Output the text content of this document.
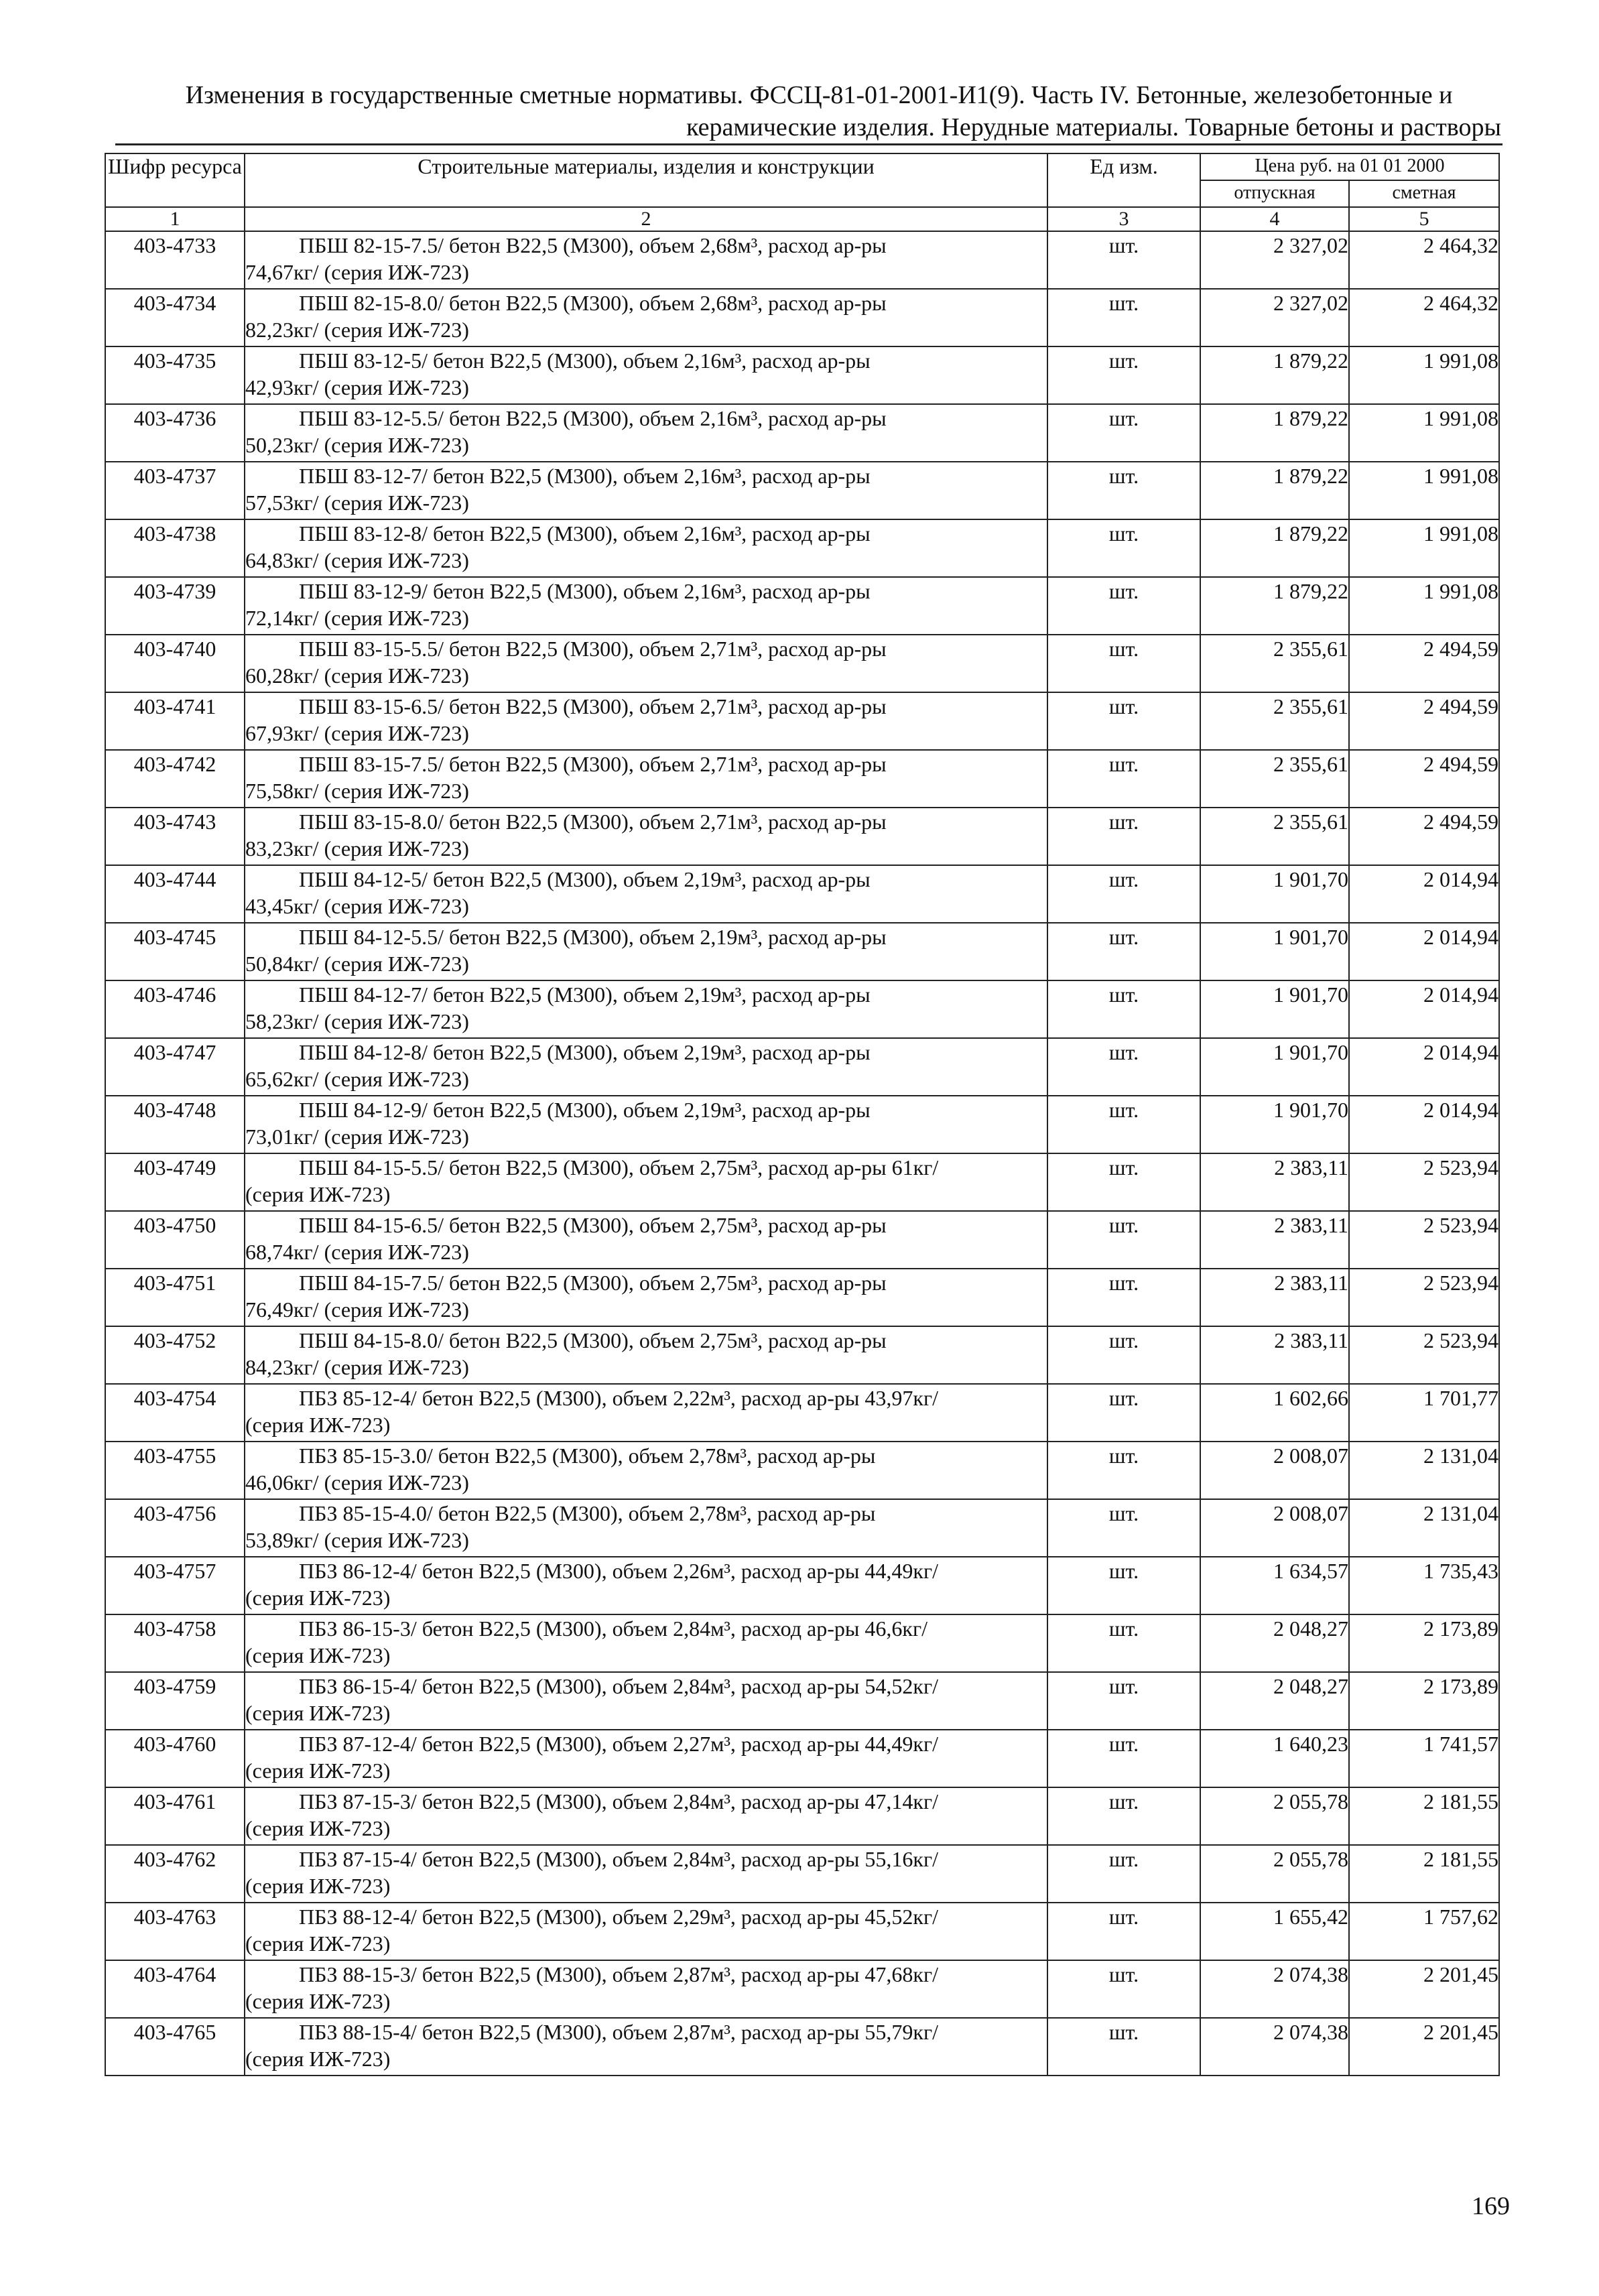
Изменения в государственные сметные нормативы. ФССЦ-81-01-2001-И1(9). Часть IV. Бетонные, железобетонные и
керамические изделия. Нерудные материалы. Товарные бетоны и растворы
Шифр ресурса	Строительные материалы, изделия и конструкции	Ед изм.	Цена руб. на 01 01 2000	
			отпускная	сметная
1	2	3	4	5
403-4733	ПБШ 82-15-7.5/ бетон В22,5 (М300), объем 2,68м³, расход ар-ры
74,67кг/ (серия ИЖ-723)	шт.	2 327,02	2 464,32
403-4734	ПБШ 82-15-8.0/ бетон В22,5 (М300), объем 2,68м³, расход ар-ры
82,23кг/ (серия ИЖ-723)	шт.	2 327,02	2 464,32
403-4735	ПБШ 83-12-5/ бетон В22,5 (М300), объем 2,16м³, расход ар-ры
42,93кг/ (серия ИЖ-723)	шт.	1 879,22	1 991,08
403-4736	ПБШ 83-12-5.5/ бетон В22,5 (М300), объем 2,16м³, расход ар-ры
50,23кг/ (серия ИЖ-723)	шт.	1 879,22	1 991,08
403-4737	ПБШ 83-12-7/ бетон В22,5 (М300), объем 2,16м³, расход ар-ры
57,53кг/ (серия ИЖ-723)	шт.	1 879,22	1 991,08
403-4738	ПБШ 83-12-8/ бетон В22,5 (М300), объем 2,16м³, расход ар-ры
64,83кг/ (серия ИЖ-723)	шт.	1 879,22	1 991,08
403-4739	ПБШ 83-12-9/ бетон В22,5 (М300), объем 2,16м³, расход ар-ры
72,14кг/ (серия ИЖ-723)	шт.	1 879,22	1 991,08
403-4740	ПБШ 83-15-5.5/ бетон В22,5 (М300), объем 2,71м³, расход ар-ры
60,28кг/ (серия ИЖ-723)	шт.	2 355,61	2 494,59
403-4741	ПБШ 83-15-6.5/ бетон В22,5 (М300), объем 2,71м³, расход ар-ры
67,93кг/ (серия ИЖ-723)	шт.	2 355,61	2 494,59
403-4742	ПБШ 83-15-7.5/ бетон В22,5 (М300), объем 2,71м³, расход ар-ры
75,58кг/ (серия ИЖ-723)	шт.	2 355,61	2 494,59
403-4743	ПБШ 83-15-8.0/ бетон В22,5 (М300), объем 2,71м³, расход ар-ры
83,23кг/ (серия ИЖ-723)	шт.	2 355,61	2 494,59
403-4744	ПБШ 84-12-5/ бетон В22,5 (М300), объем 2,19м³, расход ар-ры
43,45кг/ (серия ИЖ-723)	шт.	1 901,70	2 014,94
403-4745	ПБШ 84-12-5.5/ бетон В22,5 (М300), объем 2,19м³, расход ар-ры
50,84кг/ (серия ИЖ-723)	шт.	1 901,70	2 014,94
403-4746	ПБШ 84-12-7/ бетон В22,5 (М300), объем 2,19м³, расход ар-ры
58,23кг/ (серия ИЖ-723)	шт.	1 901,70	2 014,94
403-4747	ПБШ 84-12-8/ бетон В22,5 (М300), объем 2,19м³, расход ар-ры
65,62кг/ (серия ИЖ-723)	шт.	1 901,70	2 014,94
403-4748	ПБШ 84-12-9/ бетон В22,5 (М300), объем 2,19м³, расход ар-ры
73,01кг/ (серия ИЖ-723)	шт.	1 901,70	2 014,94
403-4749	ПБШ 84-15-5.5/ бетон В22,5 (М300), объем 2,75м³, расход ар-ры 61кг/
(серия ИЖ-723)	шт.	2 383,11	2 523,94
403-4750	ПБШ 84-15-6.5/ бетон В22,5 (М300), объем 2,75м³, расход ар-ры
68,74кг/ (серия ИЖ-723)	шт.	2 383,11	2 523,94
403-4751	ПБШ 84-15-7.5/ бетон В22,5 (М300), объем 2,75м³, расход ар-ры
76,49кг/ (серия ИЖ-723)	шт.	2 383,11	2 523,94
403-4752	ПБШ 84-15-8.0/ бетон В22,5 (М300), объем 2,75м³, расход ар-ры
84,23кг/ (серия ИЖ-723)	шт.	2 383,11	2 523,94
403-4754	ПБЗ 85-12-4/ бетон В22,5 (М300), объем 2,22м³, расход ар-ры 43,97кг/
(серия ИЖ-723)	шт.	1 602,66	1 701,77
403-4755	ПБЗ 85-15-3.0/ бетон В22,5 (М300), объем 2,78м³, расход ар-ры
46,06кг/ (серия ИЖ-723)	шт.	2 008,07	2 131,04
403-4756	ПБЗ 85-15-4.0/ бетон В22,5 (М300), объем 2,78м³, расход ар-ры
53,89кг/ (серия ИЖ-723)	шт.	2 008,07	2 131,04
403-4757	ПБЗ 86-12-4/ бетон В22,5 (М300), объем 2,26м³, расход ар-ры 44,49кг/
(серия ИЖ-723)	шт.	1 634,57	1 735,43
403-4758	ПБЗ 86-15-3/ бетон В22,5 (М300), объем 2,84м³, расход ар-ры 46,6кг/
(серия ИЖ-723)	шт.	2 048,27	2 173,89
403-4759	ПБЗ 86-15-4/ бетон В22,5 (М300), объем 2,84м³, расход ар-ры 54,52кг/
(серия ИЖ-723)	шт.	2 048,27	2 173,89
403-4760	ПБЗ 87-12-4/ бетон В22,5 (М300), объем 2,27м³, расход ар-ры 44,49кг/
(серия ИЖ-723)	шт.	1 640,23	1 741,57
403-4761	ПБЗ 87-15-3/ бетон В22,5 (М300), объем 2,84м³, расход ар-ры 47,14кг/
(серия ИЖ-723)	шт.	2 055,78	2 181,55
403-4762	ПБЗ 87-15-4/ бетон В22,5 (М300), объем 2,84м³, расход ар-ры 55,16кг/
(серия ИЖ-723)	шт.	2 055,78	2 181,55
403-4763	ПБЗ 88-12-4/ бетон В22,5 (М300), объем 2,29м³, расход ар-ры 45,52кг/
(серия ИЖ-723)	шт.	1 655,42	1 757,62
403-4764	ПБЗ 88-15-3/ бетон В22,5 (М300), объем 2,87м³, расход ар-ры 47,68кг/
(серия ИЖ-723)	шт.	2 074,38	2 201,45
403-4765	ПБЗ 88-15-4/ бетон В22,5 (М300), объем 2,87м³, расход ар-ры 55,79кг/
(серия ИЖ-723)	шт.	2 074,38	2 201,45
169
